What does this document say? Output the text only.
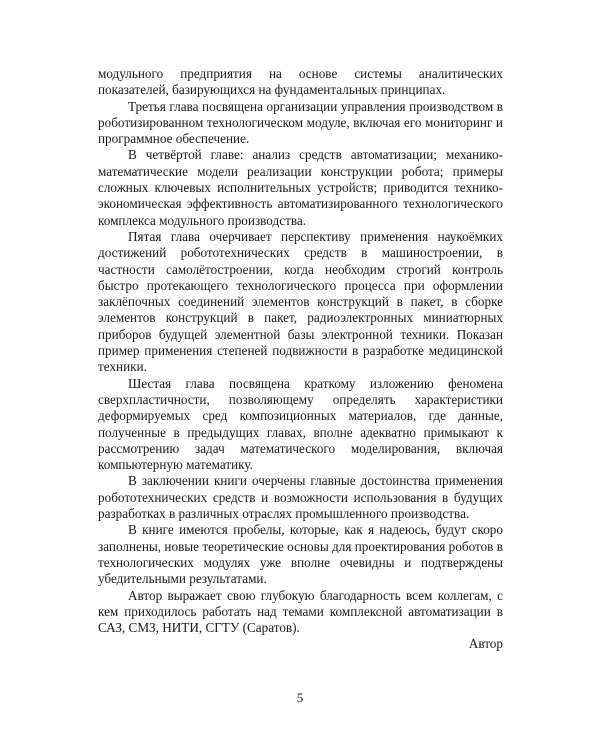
модульного предприятия на основе системы аналитических показателей, базирующихся на фундаментальных принципах.

Третья глава посвящена организации управления производством в роботизированном технологическом модуле, включая его мониторинг и программное обеспечение.

В четвёртой главе: анализ средств автоматизации; механико-математические модели реализации конструкции робота; примеры сложных ключевых исполнительных устройств; приводится технико-экономическая эффективность автоматизированного технологического комплекса модульного производства.

Пятая глава очерчивает перспективу применения наукоёмких достижений робототехнических средств в машиностроении, в частности самолётостроении, когда необходим строгий контроль быстро протекающего технологического процесса при оформлении заклёпочных соединений элементов конструкций в пакет, в сборке элементов конструкций в пакет, радиоэлектронных миниатюрных приборов будущей элементной базы электронной техники. Показан пример применения степеней подвижности в разработке медицинской техники.

Шестая глава посвящена краткому изложению феномена сверхпластичности, позволяющему определять характеристики деформируемых сред композиционных материалов, где данные, полученные в предыдущих главах, вполне адекватно примыкают к рассмотрению задач математического моделирования, включая компьютерную математику.

В заключении книги очерчены главные достоинства применения робототехнических средств и возможности использования в будущих разработках в различных отраслях промышленного производства.

В книге имеются пробелы, которые, как я надеюсь, будут скоро заполнены, новые теоретические основы для проектирования роботов в технологических модулях уже вполне очевидны и подтверждены убедительными результатами.

Автор выражает свою глубокую благодарность всем коллегам, с кем приходилось работать над темами комплексной автоматизации в САЗ, СМЗ, НИТИ, СГТУ (Саратов).

Автор

5
